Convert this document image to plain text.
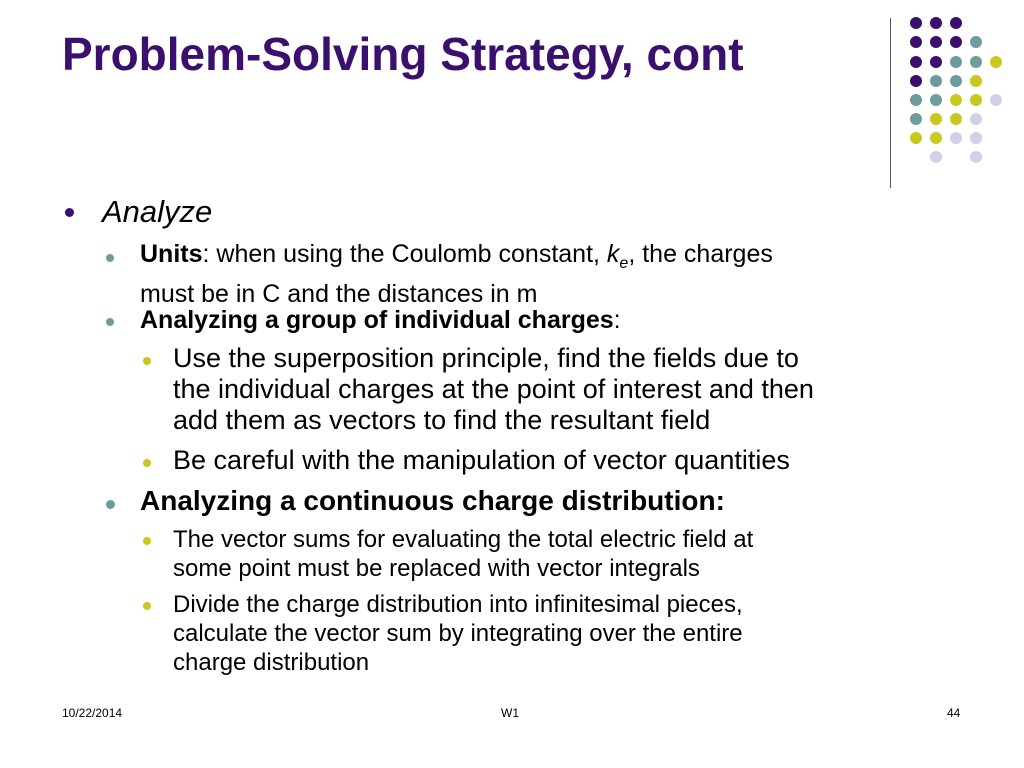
Problem-Solving Strategy, cont
Analyze
Units: when using the Coulomb constant, $k_e$, the charges
must be in C and the distances in m
Analyzing a group of individual charges:
Use the superposition principle, find the fields due to
the individual charges at the point of interest and then
add them as vectors to find the resultant field
Be careful with the manipulation of vector quantities
Analyzing a continuous charge distribution:
The vector sums for evaluating the total electric field at
some point must be replaced with vector integrals
Divide the charge distribution into infinitesimal pieces,
calculate the vector sum by integrating over the entire
charge distribution
10/22/2014	W1	44
